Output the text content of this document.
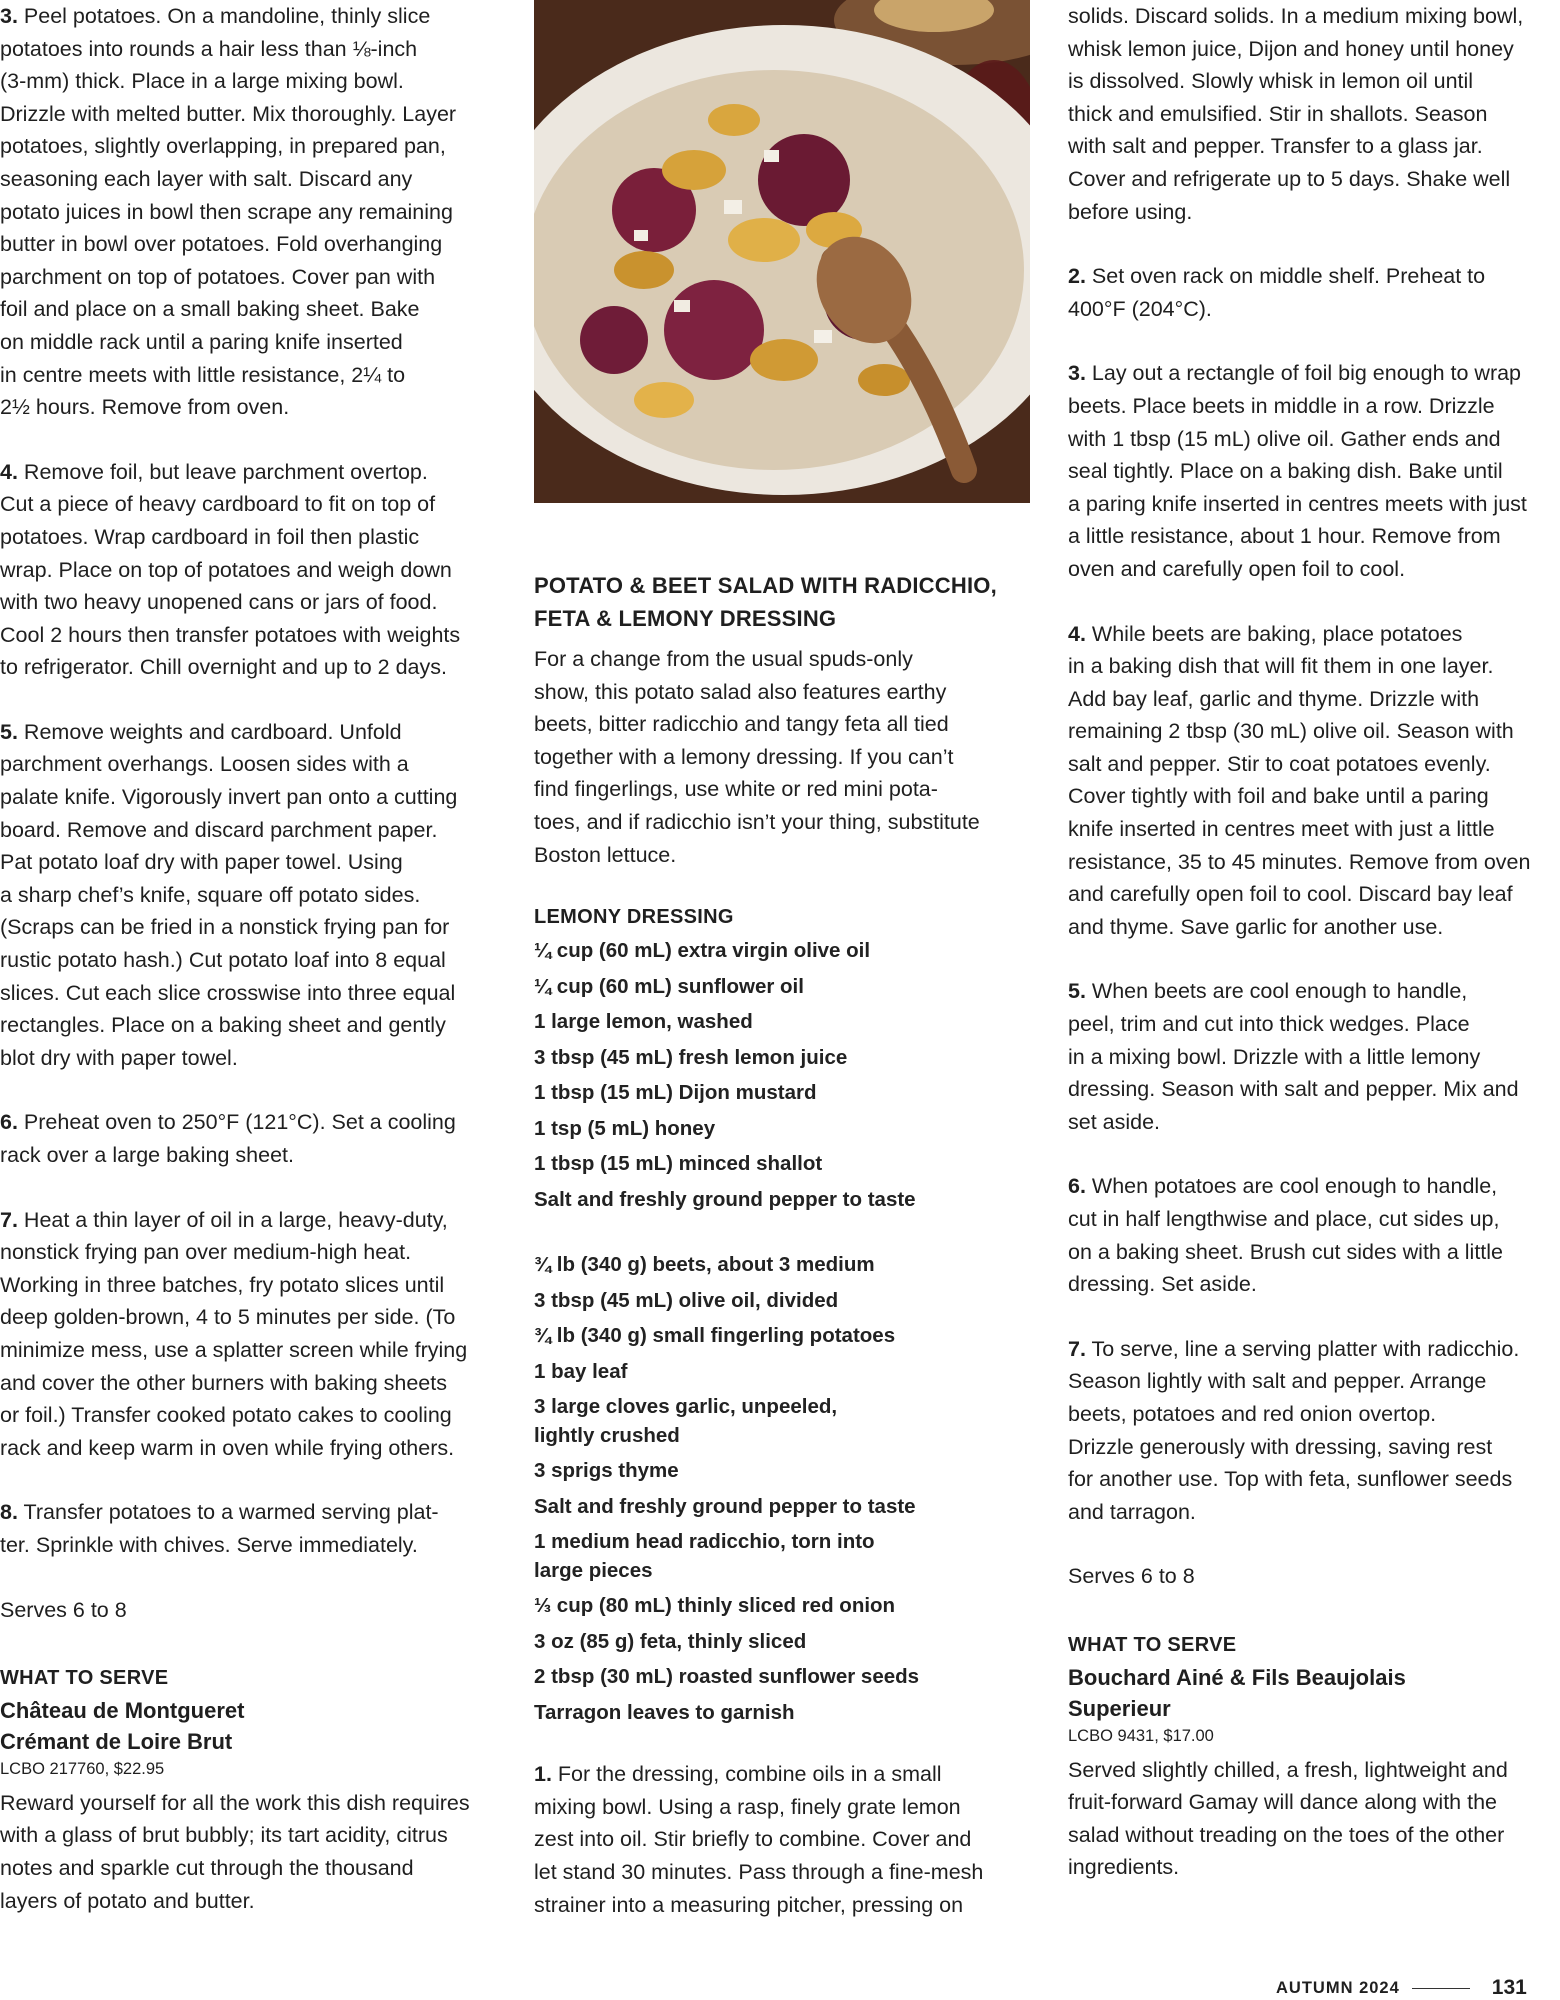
3. Peel potatoes. On a mandoline, thinly slice
potatoes into rounds a hair less than ⅛-inch
(3-mm) thick. Place in a large mixing bowl.
Drizzle with melted butter. Mix thoroughly. Layer
potatoes, slightly overlapping, in prepared pan,
seasoning each layer with salt. Discard any
potato juices in bowl then scrape any remaining
butter in bowl over potatoes. Fold overhanging
parchment on top of potatoes. Cover pan with
foil and place on a small baking sheet. Bake
on middle rack until a paring knife inserted
in centre meets with little resistance, 2¼ to
2½ hours. Remove from oven.

4. Remove foil, but leave parchment overtop.
Cut a piece of heavy cardboard to fit on top of
potatoes. Wrap cardboard in foil then plastic
wrap. Place on top of potatoes and weigh down
with two heavy unopened cans or jars of food.
Cool 2 hours then transfer potatoes with weights
to refrigerator. Chill overnight and up to 2 days.

5. Remove weights and cardboard. Unfold
parchment overhangs. Loosen sides with a
palate knife. Vigorously invert pan onto a cutting
board. Remove and discard parchment paper.
Pat potato loaf dry with paper towel. Using
a sharp chef’s knife, square off potato sides.
(Scraps can be fried in a nonstick frying pan for
rustic potato hash.) Cut potato loaf into 8 equal
slices. Cut each slice crosswise into three equal
rectangles. Place on a baking sheet and gently
blot dry with paper towel.

6. Preheat oven to 250°F (121°C). Set a cooling
rack over a large baking sheet.

7. Heat a thin layer of oil in a large, heavy-duty,
nonstick frying pan over medium-high heat.
Working in three batches, fry potato slices until
deep golden-brown, 4 to 5 minutes per side. (To
minimize mess, use a splatter screen while frying
and cover the other burners with baking sheets
or foil.) Transfer cooked potato cakes to cooling
rack and keep warm in oven while frying others.

8. Transfer potatoes to a warmed serving plat-
ter. Sprinkle with chives. Serve immediately.

Serves 6 to 8
WHAT TO SERVE
Château de Montgueret
Crémant de Loire Brut
LCBO 217760, $22.95
Reward yourself for all the work this dish requires
with a glass of brut bubbly; its tart acidity, citrus
notes and sparkle cut through the thousand
layers of potato and butter.
POTATO & BEET SALAD WITH RADICCHIO,
FETA & LEMONY DRESSING
For a change from the usual spuds-only
show, this potato salad also features earthy
beets, bitter radicchio and tangy feta all tied
together with a lemony dressing. If you can’t
find fingerlings, use white or red mini pota-
toes, and if radicchio isn’t your thing, substitute
Boston lettuce.
LEMONY DRESSING
¼ cup (60 mL) extra virgin olive oil
¼ cup (60 mL) sunflower oil
1 large lemon, washed
3 tbsp (45 mL) fresh lemon juice
1 tbsp (15 mL) Dijon mustard
1 tsp (5 mL) honey
1 tbsp (15 mL) minced shallot
Salt and freshly ground pepper to taste
¾ lb (340 g) beets, about 3 medium
3 tbsp (45 mL) olive oil, divided
¾ lb (340 g) small fingerling potatoes
1 bay leaf
3 large cloves garlic, unpeeled,
lightly crushed
3 sprigs thyme
Salt and freshly ground pepper to taste
1 medium head radicchio, torn into
large pieces
⅓ cup (80 mL) thinly sliced red onion
3 oz (85 g) feta, thinly sliced
2 tbsp (30 mL) roasted sunflower seeds
Tarragon leaves to garnish

1. For the dressing, combine oils in a small
mixing bowl. Using a rasp, finely grate lemon
zest into oil. Stir briefly to combine. Cover and
let stand 30 minutes. Pass through a fine-mesh
strainer into a measuring pitcher, pressing on

solids. Discard solids. In a medium mixing bowl,
whisk lemon juice, Dijon and honey until honey
is dissolved. Slowly whisk in lemon oil until
thick and emulsified. Stir in shallots. Season
with salt and pepper. Transfer to a glass jar.
Cover and refrigerate up to 5 days. Shake well
before using.

2. Set oven rack on middle shelf. Preheat to
400°F (204°C).

3. Lay out a rectangle of foil big enough to wrap
beets. Place beets in middle in a row. Drizzle
with 1 tbsp (15 mL) olive oil. Gather ends and
seal tightly. Place on a baking dish. Bake until
a paring knife inserted in centres meets with just
a little resistance, about 1 hour. Remove from
oven and carefully open foil to cool.

4. While beets are baking, place potatoes
in a baking dish that will fit them in one layer.
Add bay leaf, garlic and thyme. Drizzle with
remaining 2 tbsp (30 mL) olive oil. Season with
salt and pepper. Stir to coat potatoes evenly.
Cover tightly with foil and bake until a paring
knife inserted in centres meet with just a little
resistance, 35 to 45 minutes. Remove from oven
and carefully open foil to cool. Discard bay leaf
and thyme. Save garlic for another use.

5. When beets are cool enough to handle,
peel, trim and cut into thick wedges. Place
in a mixing bowl. Drizzle with a little lemony
dressing. Season with salt and pepper. Mix and
set aside.

6. When potatoes are cool enough to handle,
cut in half lengthwise and place, cut sides up,
on a baking sheet. Brush cut sides with a little
dressing. Set aside.

7. To serve, line a serving platter with radicchio.
Season lightly with salt and pepper. Arrange
beets, potatoes and red onion overtop.
Drizzle generously with dressing, saving rest
for another use. Top with feta, sunflower seeds
and tarragon.

Serves 6 to 8
WHAT TO SERVE
Bouchard Ainé & Fils Beaujolais
Superieur
LCBO 9431, $17.00
Served slightly chilled, a fresh, lightweight and
fruit-forward Gamay will dance along with the
salad without treading on the toes of the other
ingredients.
AUTUMN 2024	131
